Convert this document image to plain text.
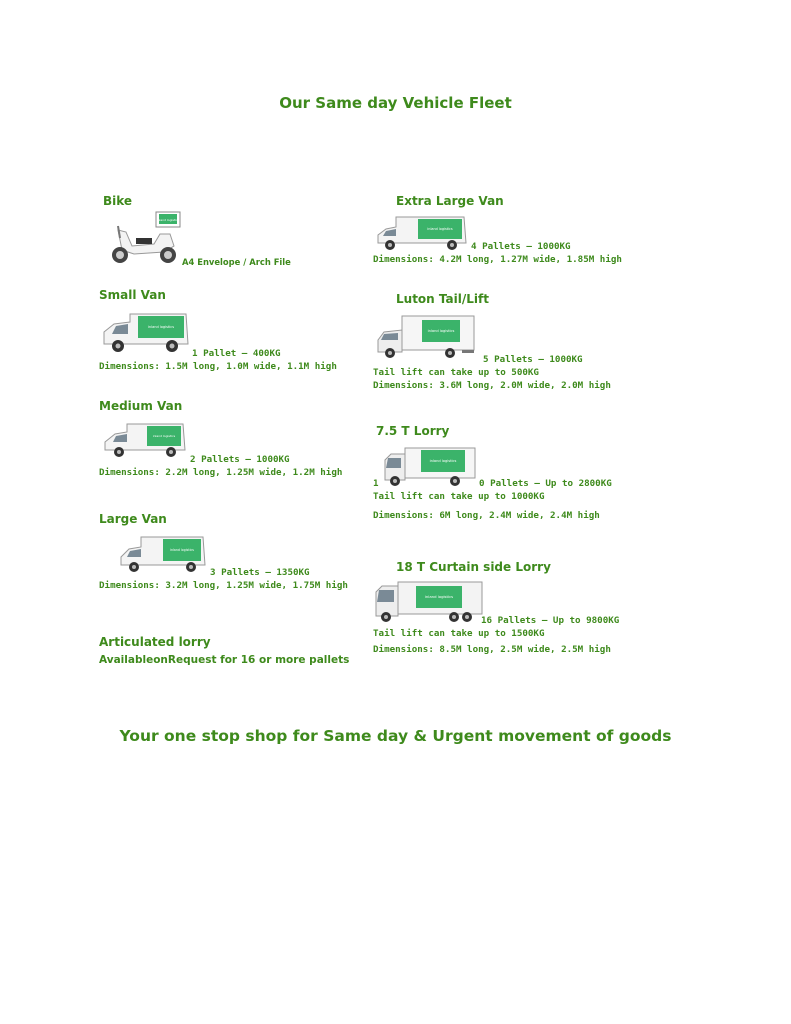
Our Same day Vehicle Fleet
Bike
inland logistics
A4 Envelope / Arch File
Small Van
inland logistics
1 Pallet – 400KG
Dimensions: 1.5M long, 1.0M wide, 1.1M high
Medium Van
inland logistics
2 Pallets – 1000KG
Dimensions: 2.2M long, 1.25M wide, 1.2M high
Large Van
inland logistics
3 Pallets – 1350KG
Dimensions: 3.2M long, 1.25M wide, 1.75M high
Articulated lorry
AvailableonRequest for 16 or more pallets
Extra Large Van
inland logistics
4 Pallets – 1000KG
Dimensions: 4.2M long, 1.27M wide, 1.85M high
Luton Tail/Lift
inland logistics
5 Pallets – 1000KG
Tail lift can take up to 500KG
Dimensions: 3.6M long, 2.0M wide, 2.0M high
7.5 T Lorry
inland logistics
1	0 Pallets – Up to 2800KG
Tail lift can take up to 1000KG
Dimensions: 6M long, 2.4M wide, 2.4M high
18 T Curtain side Lorry
inland logistics
16 Pallets – Up to 9800KG
Tail lift can take up to 1500KG
Dimensions: 8.5M long, 2.5M wide, 2.5M high
Your one stop shop for Same day & Urgent movement of goods
